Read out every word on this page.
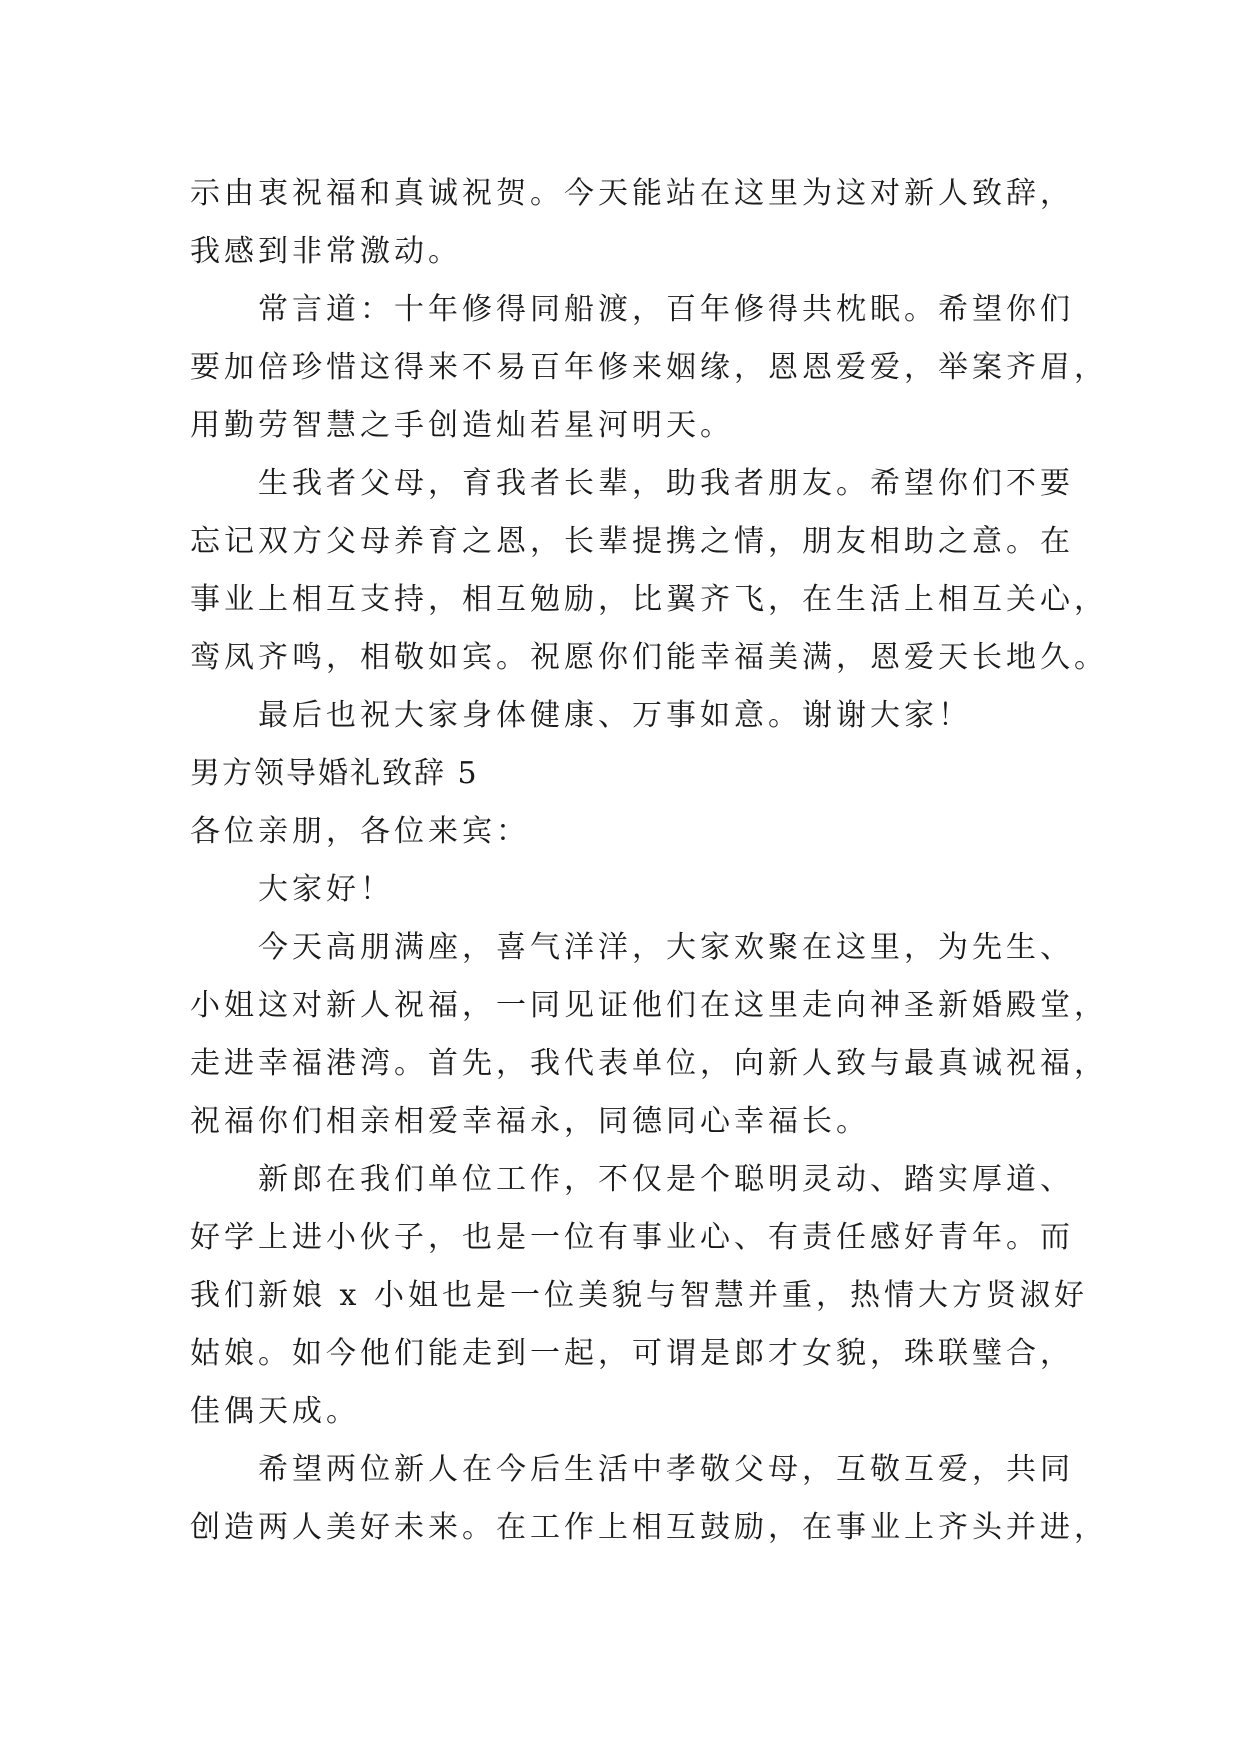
示由衷祝福和真诚祝贺。今天能站在这里为这对新人致辞，
我感到非常激动。
常言道：十年修得同船渡，百年修得共枕眠。希望你们
要加倍珍惜这得来不易百年修来姻缘，恩恩爱爱，举案齐眉，
用勤劳智慧之手创造灿若星河明天。
生我者父母，育我者长辈，助我者朋友。希望你们不要
忘记双方父母养育之恩，长辈提携之情，朋友相助之意。在
事业上相互支持，相互勉励，比翼齐飞，在生活上相互关心，
鸾凤齐鸣，相敬如宾。祝愿你们能幸福美满，恩爱天长地久。
最后也祝大家身体健康、万事如意。谢谢大家！
男方领导婚礼致辞 5
各位亲朋，各位来宾：
大家好！
今天高朋满座，喜气洋洋，大家欢聚在这里，为先生、
小姐这对新人祝福，一同见证他们在这里走向神圣新婚殿堂，
走进幸福港湾。首先，我代表单位，向新人致与最真诚祝福，
祝福你们相亲相爱幸福永，同德同心幸福长。
新郎在我们单位工作，不仅是个聪明灵动、踏实厚道、
好学上进小伙子，也是一位有事业心、有责任感好青年。而
我们新娘 x 小姐也是一位美貌与智慧并重，热情大方贤淑好
姑娘。如今他们能走到一起，可谓是郎才女貌，珠联璧合，
佳偶天成。
希望两位新人在今后生活中孝敬父母，互敬互爱，共同
创造两人美好未来。在工作上相互鼓励，在事业上齐头并进，
